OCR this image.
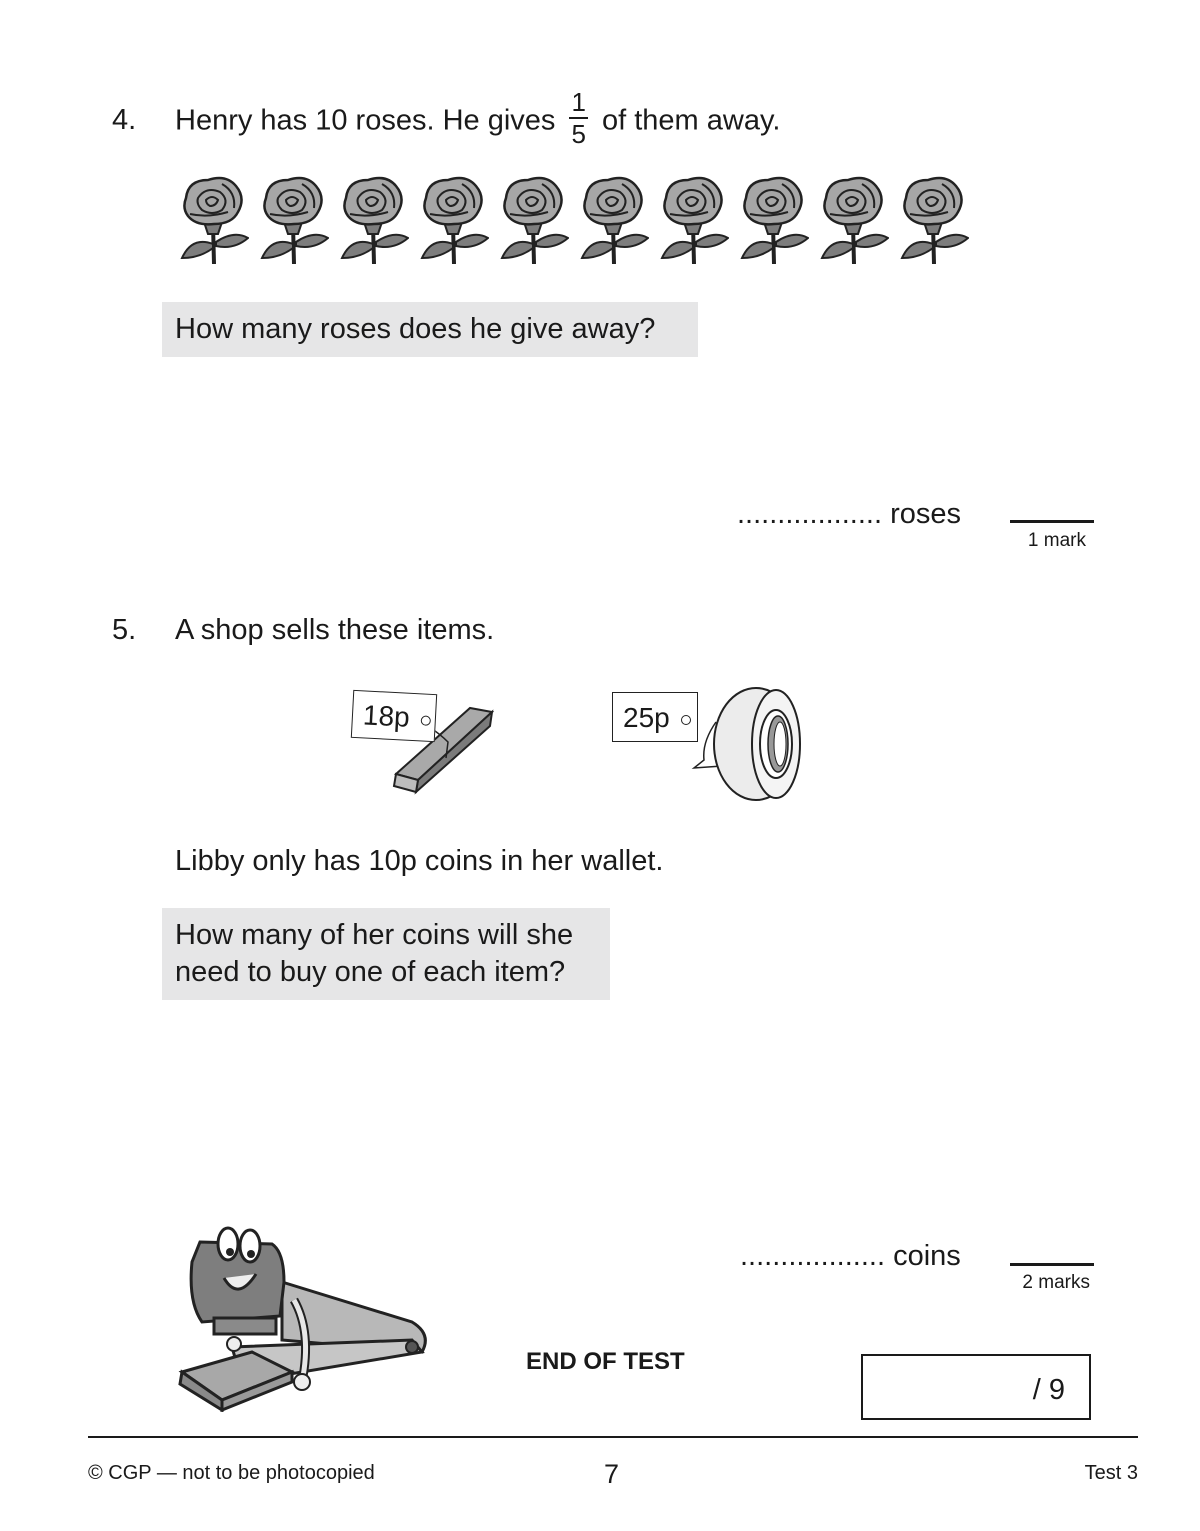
4. Henry has 10 roses. He gives $\frac{1}{5}$ of them away.
How many roses does he give away?
.................. roses
1 mark
5. A shop sells these items.
18p	25p
Libby only has 10p coins in her wallet.
How many of her coins will she
need to buy one of each item?
.................. coins
2 marks
END OF TEST
/ 9
© CGP — not to be photocopied	7	Test 3
